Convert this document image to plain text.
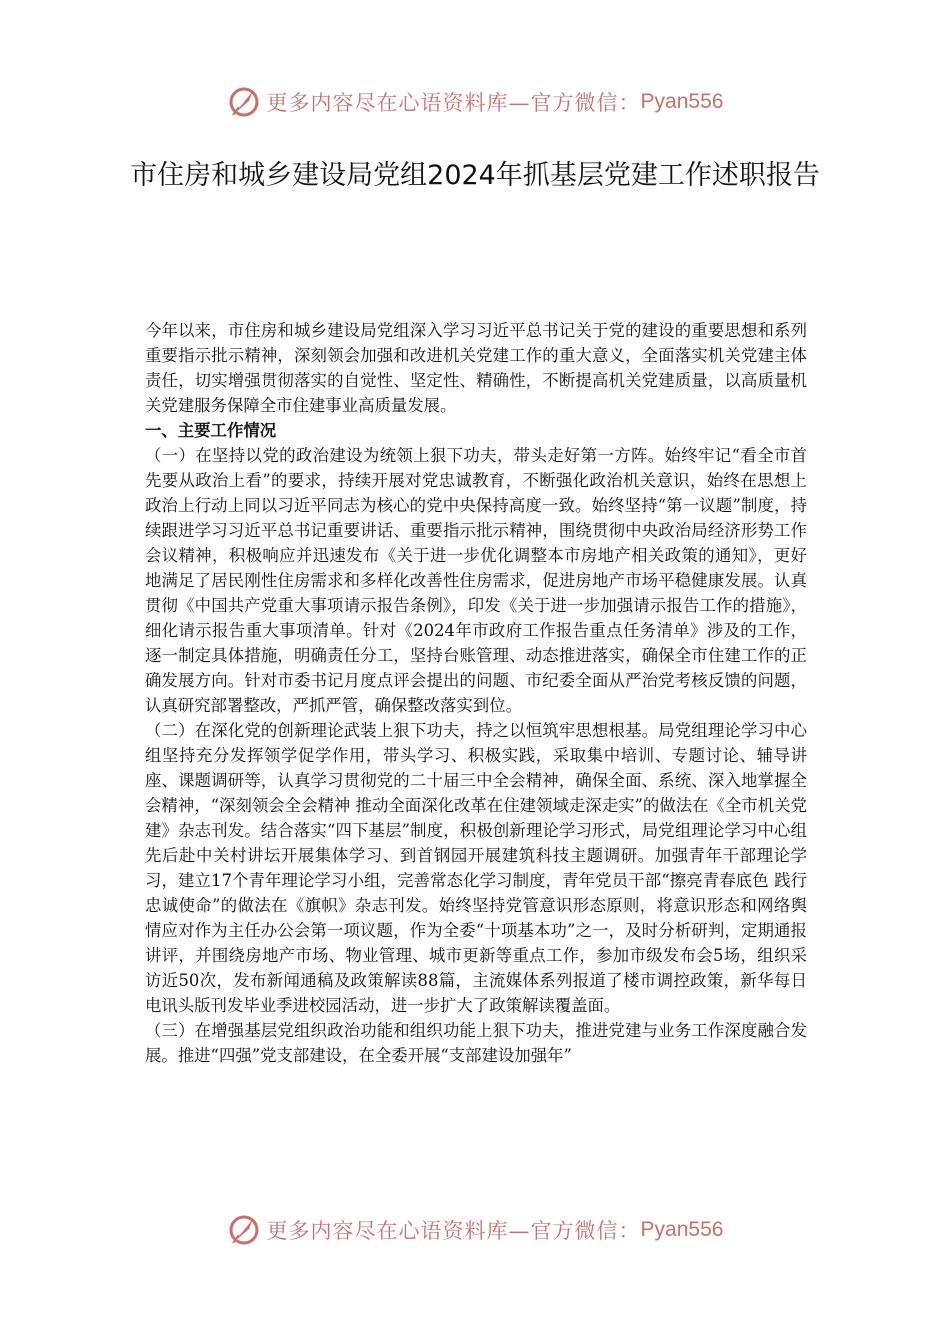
更多内容尽在心语资料库—官方微信： Pyan556
市住房和城乡建设局党组2024年抓基层党建工作述职报告

今年以来，市住房和城乡建设局党组深入学习习近平总书记关于党的建设的重要思想和系列重要指示批示精神，深刻领会加强和改进机关党建工作的重大意义，全面落实机关党建主体责任，切实增强贯彻落实的自觉性、坚定性、精确性，不断提高机关党建质量，以高质量机关党建服务保障全市住建事业高质量发展。

一、主要工作情况

（一）在坚持以党的政治建设为统领上狠下功夫，带头走好第一方阵。始终牢记“看全市首先要从政治上看”的要求，持续开展对党忠诚教育，不断强化政治机关意识，始终在思想上政治上行动上同以习近平同志为核心的党中央保持高度一致。始终坚持“第一议题”制度，持续跟进学习习近平总书记重要讲话、重要指示批示精神，围绕贯彻中央政治局经济形势工作会议精神，积极响应并迅速发布《关于进一步优化调整本市房地产相关政策的通知》，更好地满足了居民刚性住房需求和多样化改善性住房需求，促进房地产市场平稳健康发展。认真贯彻《中国共产党重大事项请示报告条例》，印发《关于进一步加强请示报告工作的措施》，细化请示报告重大事项清单。针对《2024年市政府工作报告重点任务清单》涉及的工作，逐一制定具体措施，明确责任分工，坚持台账管理、动态推进落实，确保全市住建工作的正确发展方向。针对市委书记月度点评会提出的问题、市纪委全面从严治党考核反馈的问题，认真研究部署整改，严抓严管，确保整改落实到位。

（二）在深化党的创新理论武装上狠下功夫，持之以恒筑牢思想根基。局党组理论学习中心组坚持充分发挥领学促学作用，带头学习、积极实践，采取集中培训、专题讨论、辅导讲座、课题调研等，认真学习贯彻党的二十届三中全会精神，确保全面、系统、深入地掌握全会精神，“深刻领会全会精神 推动全面深化改革在住建领域走深走实”的做法在《全市机关党建》杂志刊发。结合落实“四下基层”制度，积极创新理论学习形式，局党组理论学习中心组先后赴中关村讲坛开展集体学习、到首钢园开展建筑科技主题调研。加强青年干部理论学习，建立17个青年理论学习小组，完善常态化学习制度，青年党员干部“擦亮青春底色 践行忠诚使命”的做法在《旗帜》杂志刊发。始终坚持党管意识形态原则，将意识形态和网络舆情应对作为主任办公会第一项议题，作为全委“十项基本功”之一，及时分析研判，定期通报讲评，并围绕房地产市场、物业管理、城市更新等重点工作，参加市级发布会5场，组织采访近50次，发布新闻通稿及政策解读88篇，主流媒体系列报道了楼市调控政策，新华每日电讯头版刊发毕业季进校园活动，进一步扩大了政策解读覆盖面。

（三）在增强基层党组织政治功能和组织功能上狠下功夫，推进党建与业务工作深度融合发展。推进“四强”党支部建设，在全委开展“支部建设加强年”

更多内容尽在心语资料库—官方微信： Pyan556
